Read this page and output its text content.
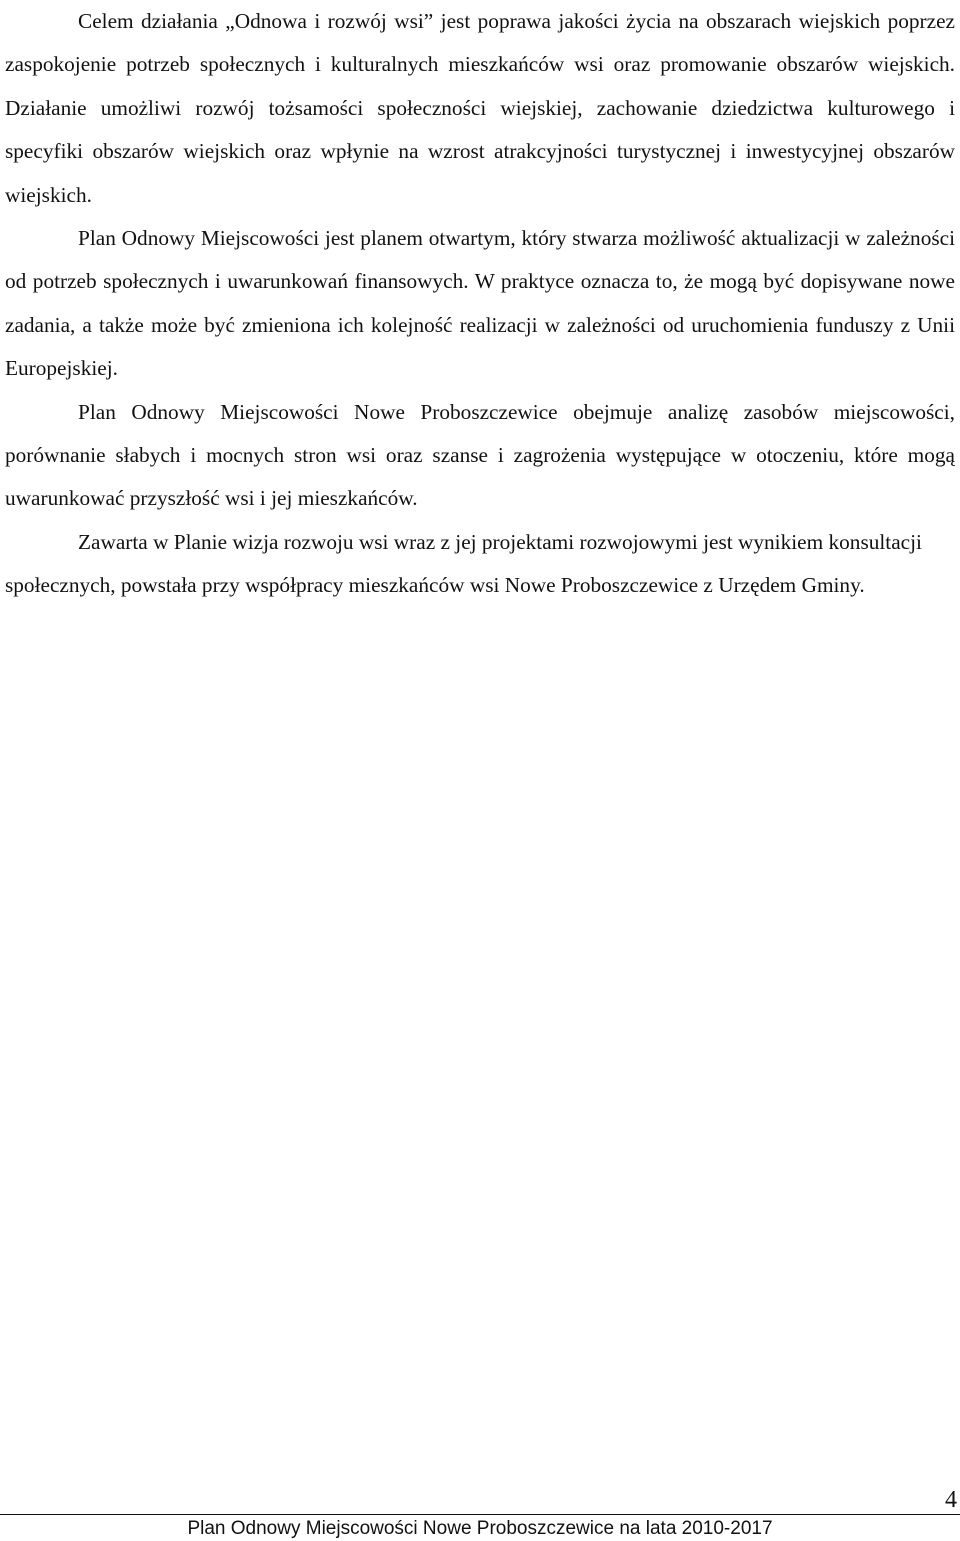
Celem działania „Odnowa i rozwój wsi” jest poprawa jakości życia na obszarach wiejskich poprzez zaspokojenie potrzeb społecznych i kulturalnych mieszkańców wsi oraz promowanie obszarów wiejskich. Działanie umożliwi rozwój tożsamości społeczności wiejskiej, zachowanie dziedzictwa kulturowego i specyfiki obszarów wiejskich oraz wpłynie na wzrost atrakcyjności turystycznej i inwestycyjnej obszarów wiejskich.

Plan Odnowy Miejscowości jest planem otwartym, który stwarza możliwość aktualizacji w zależności od potrzeb społecznych i uwarunkowań finansowych. W praktyce oznacza to, że mogą być dopisywane nowe zadania, a także może być zmieniona ich kolejność realizacji w zależności od uruchomienia funduszy z Unii Europejskiej.

Plan Odnowy Miejscowości Nowe Proboszczewice obejmuje analizę zasobów miejscowości, porównanie słabych i mocnych stron wsi oraz szanse i zagrożenia występujące w otoczeniu, które mogą uwarunkować przyszłość wsi i jej mieszkańców.

Zawarta w Planie wizja rozwoju wsi wraz z jej projektami rozwojowymi jest wynikiem konsultacji społecznych, powstała przy współpracy mieszkańców wsi Nowe Proboszczewice z Urzędem Gminy.

4
Plan Odnowy Miejscowości Nowe Proboszczewice na lata 2010-2017
